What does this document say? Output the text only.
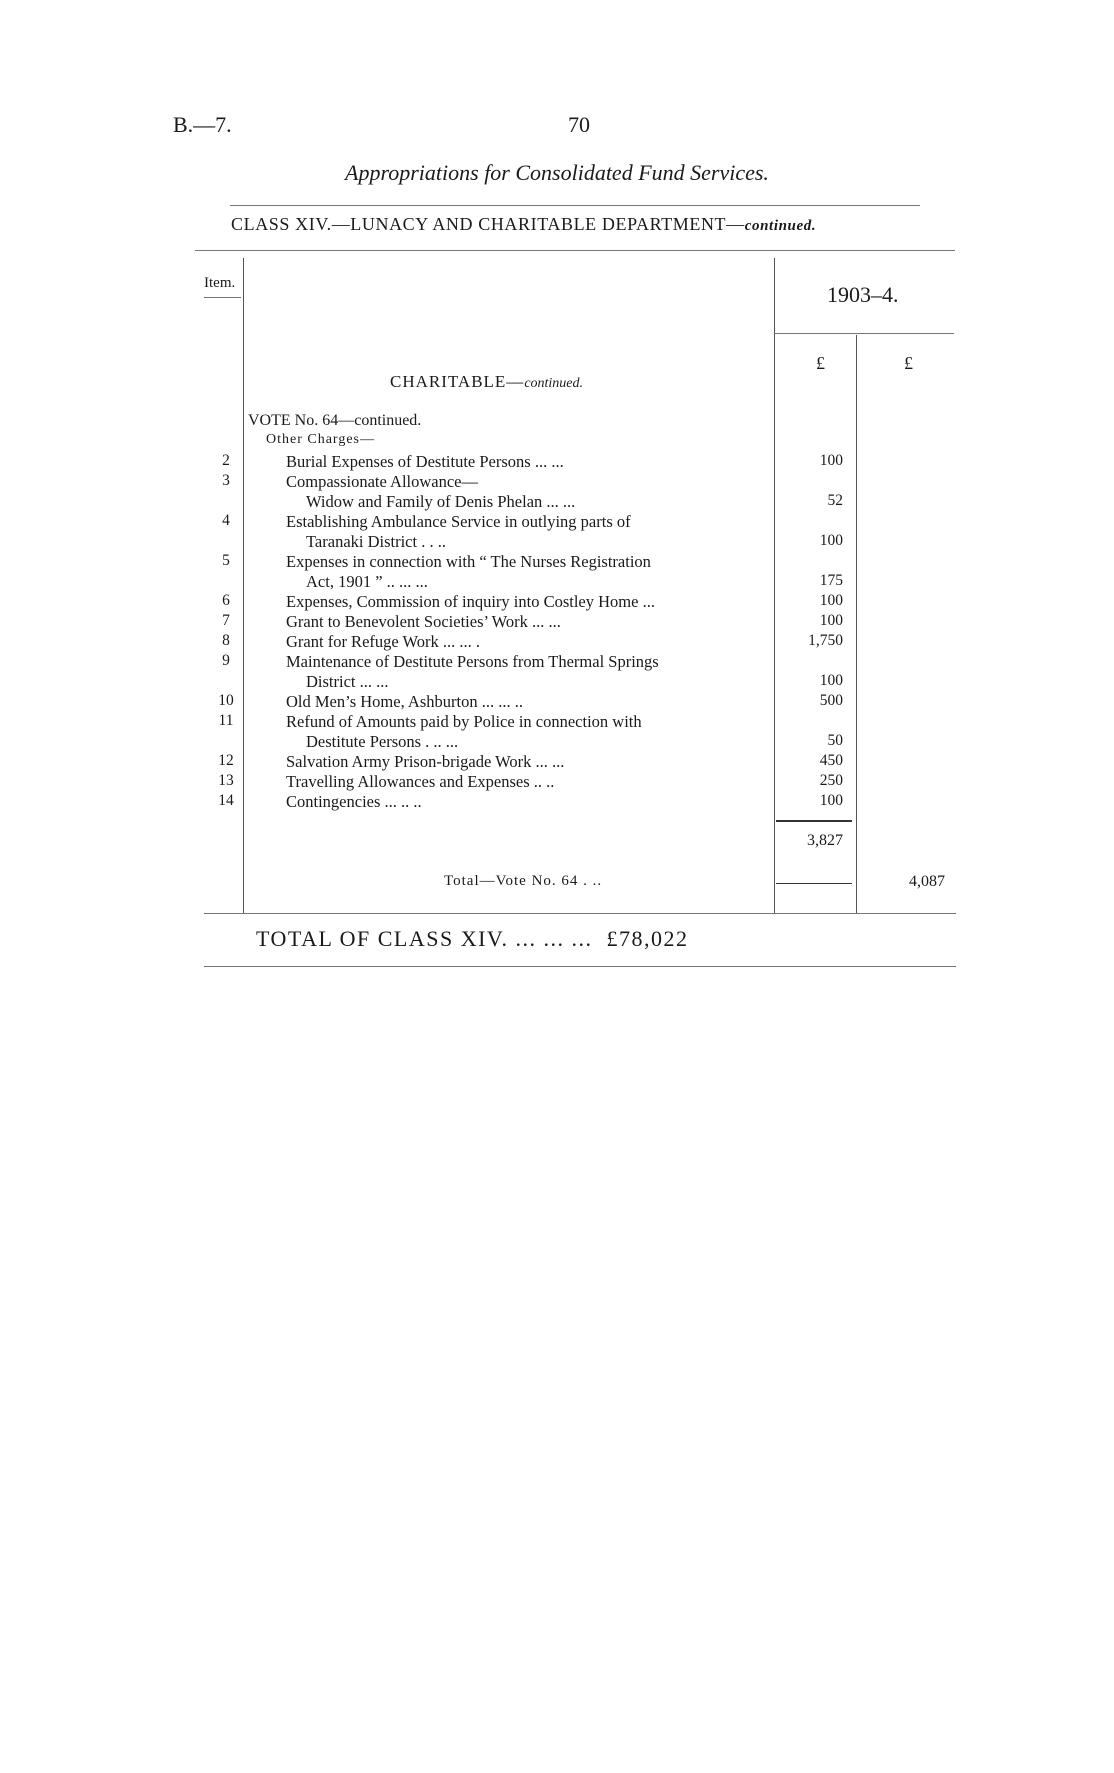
B.—7.	70
Appropriations for Consolidated Fund Services.
CLASS XIV.—LUNACY AND CHARITABLE DEPARTMENT—continued.
Item.	1903–4.
£	£
CHARITABLE—continued.
VOTE No. 64—continued.
Other Charges—
2	Burial Expenses of Destitute Persons ... ...	100
3	Compassionate Allowance—
Widow and Family of Denis Phelan ... ...	52
4	Establishing Ambulance Service in outlying parts of
Taranaki District . . ..	100
5	Expenses in connection with “ The Nurses Registration
Act, 1901 ” .. ... ...	175
6	Expenses, Commission of inquiry into Costley Home ...	100
7	Grant to Benevolent Societies’ Work ... ...	100
8	Grant for Refuge Work ... ... .	1,750
9	Maintenance of Destitute Persons from Thermal Springs
District ... ...	100
10	Old Men’s Home, Ashburton ... ... ..	500
11	Refund of Amounts paid by Police in connection with
Destitute Persons . .. ...	50
12	Salvation Army Prison-brigade Work ... ...	450
13	Travelling Allowances and Expenses .. ..	250
14	Contingencies ... .. ..	100
3,827
Total—Vote No. 64 . ..	4,087
TOTAL OF CLASS XIV. ... ... ... £78,022
